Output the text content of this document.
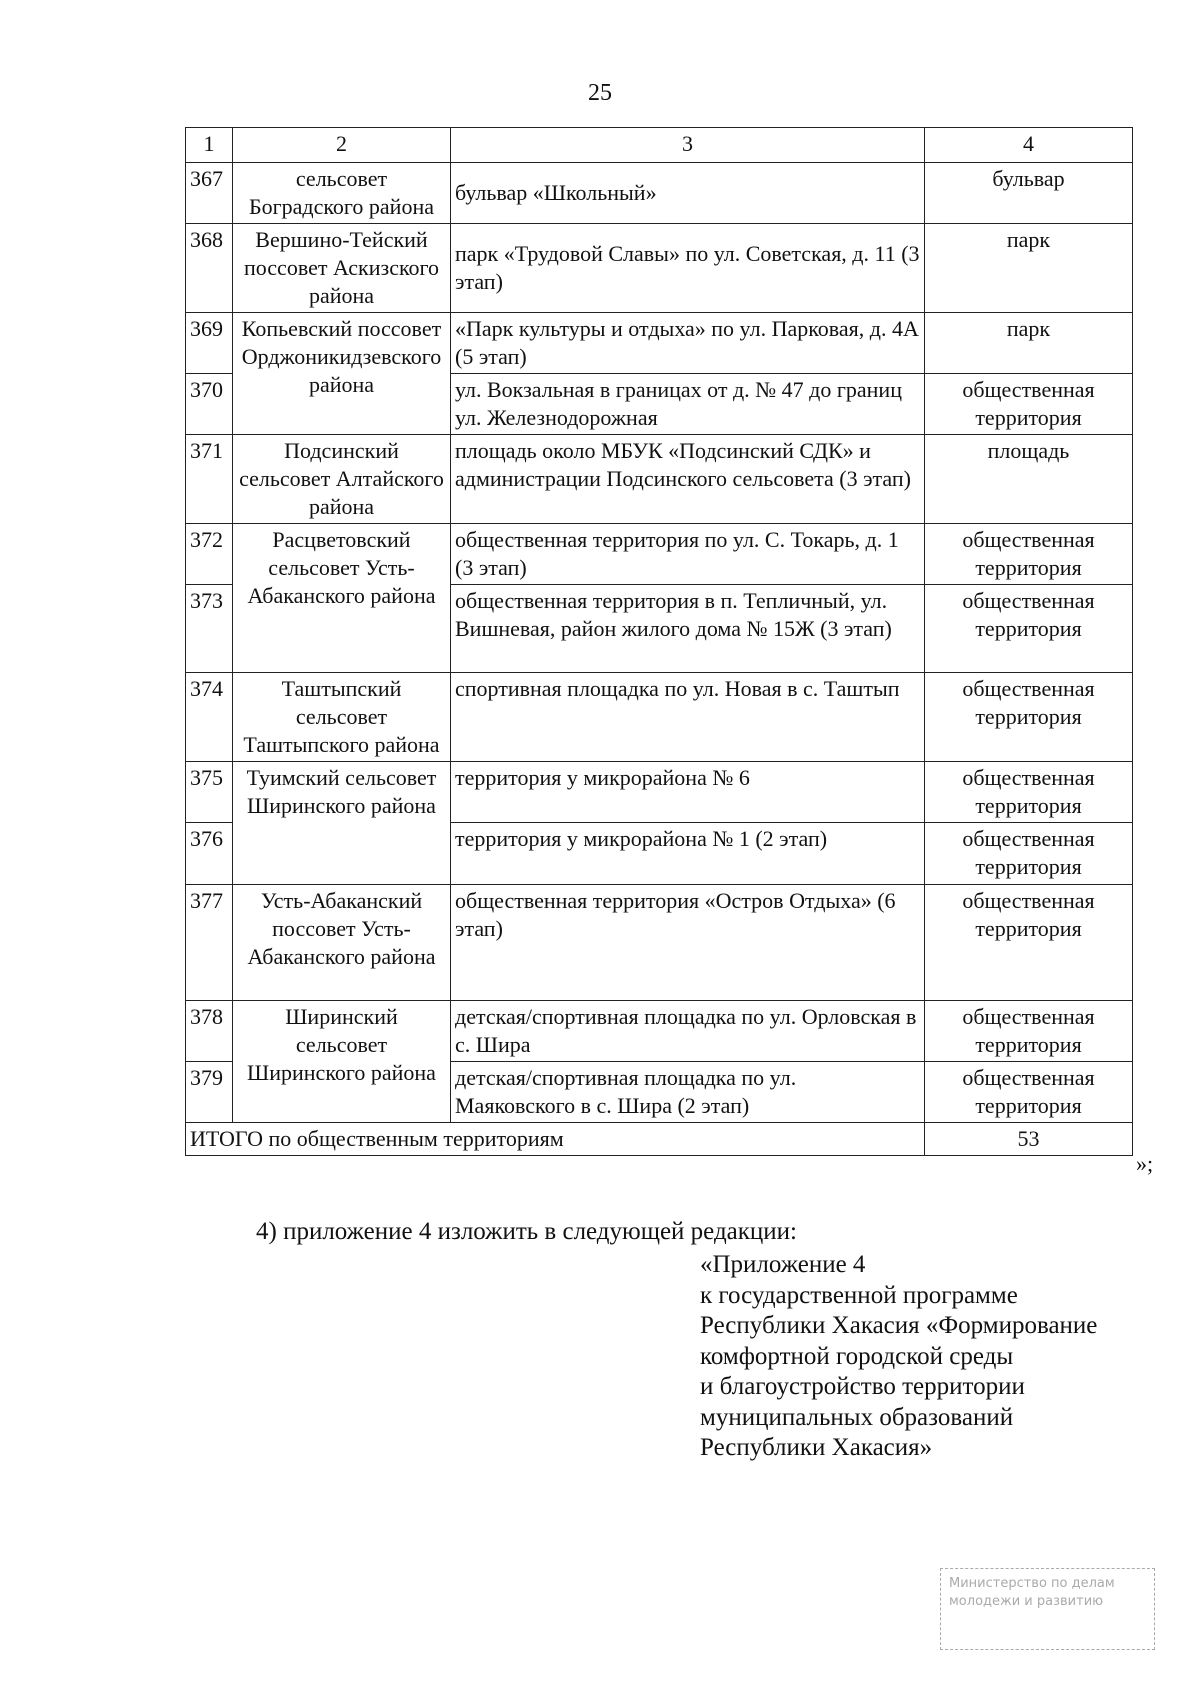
25
1	2	3	4
367	сельсовет Боградского района	бульвар «Школьный»	бульвар
368	Вершино-Тейский поссовет Аскизского района	парк «Трудовой Славы» по ул. Советская, д. 11 (3 этап)	парк
369	Копьевский поссовет Орджоникидзевского района	«Парк культуры и отдыха» по ул. Парковая, д. 4А (5 этап)	парк
370		ул. Вокзальная в границах от д. № 47 до границ ул. Железнодорожная	общественная территория
371	Подсинский сельсовет Алтайского района	площадь около МБУК «Подсинский СДК» и администрации Подсинского сельсовета (3 этап)	площадь
372	Расцветовский сельсовет Усть-Абаканского района	общественная территория по ул. С. Токарь, д. 1 (3 этап)	общественная территория
373		общественная территория в п. Тепличный, ул. Вишневая, район жилого дома № 15Ж (3 этап)	общественная территория
374	Таштыпский сельсовет Таштыпского района	спортивная площадка по ул. Новая в с. Таштып	общественная территория
375	Туимский сельсовет Ширинского района	территория у микрорайона № 6	общественная территория
376		территория у микрорайона № 1 (2 этап)	общественная территория
377	Усть-Абаканский поссовет Усть-Абаканского района	общественная территория «Остров Отдыха» (6 этап)	общественная территория
378	Ширинский сельсовет Ширинского района	детская/спортивная площадка по ул. Орловская в с. Шира	общественная территория
379		детская/спортивная площадка по ул. Маяковского в с. Шира (2 этап)	общественная территория
ИТОГО по общественным территориям			53
»;
4) приложение 4 изложить в следующей редакции:
«Приложение 4
к государственной программе
Республики Хакасия «Формирование
комфортной городской среды
и благоустройство территории
муниципальных образований
Республики Хакасия»
Министерство по делам
молодежи и развитию
